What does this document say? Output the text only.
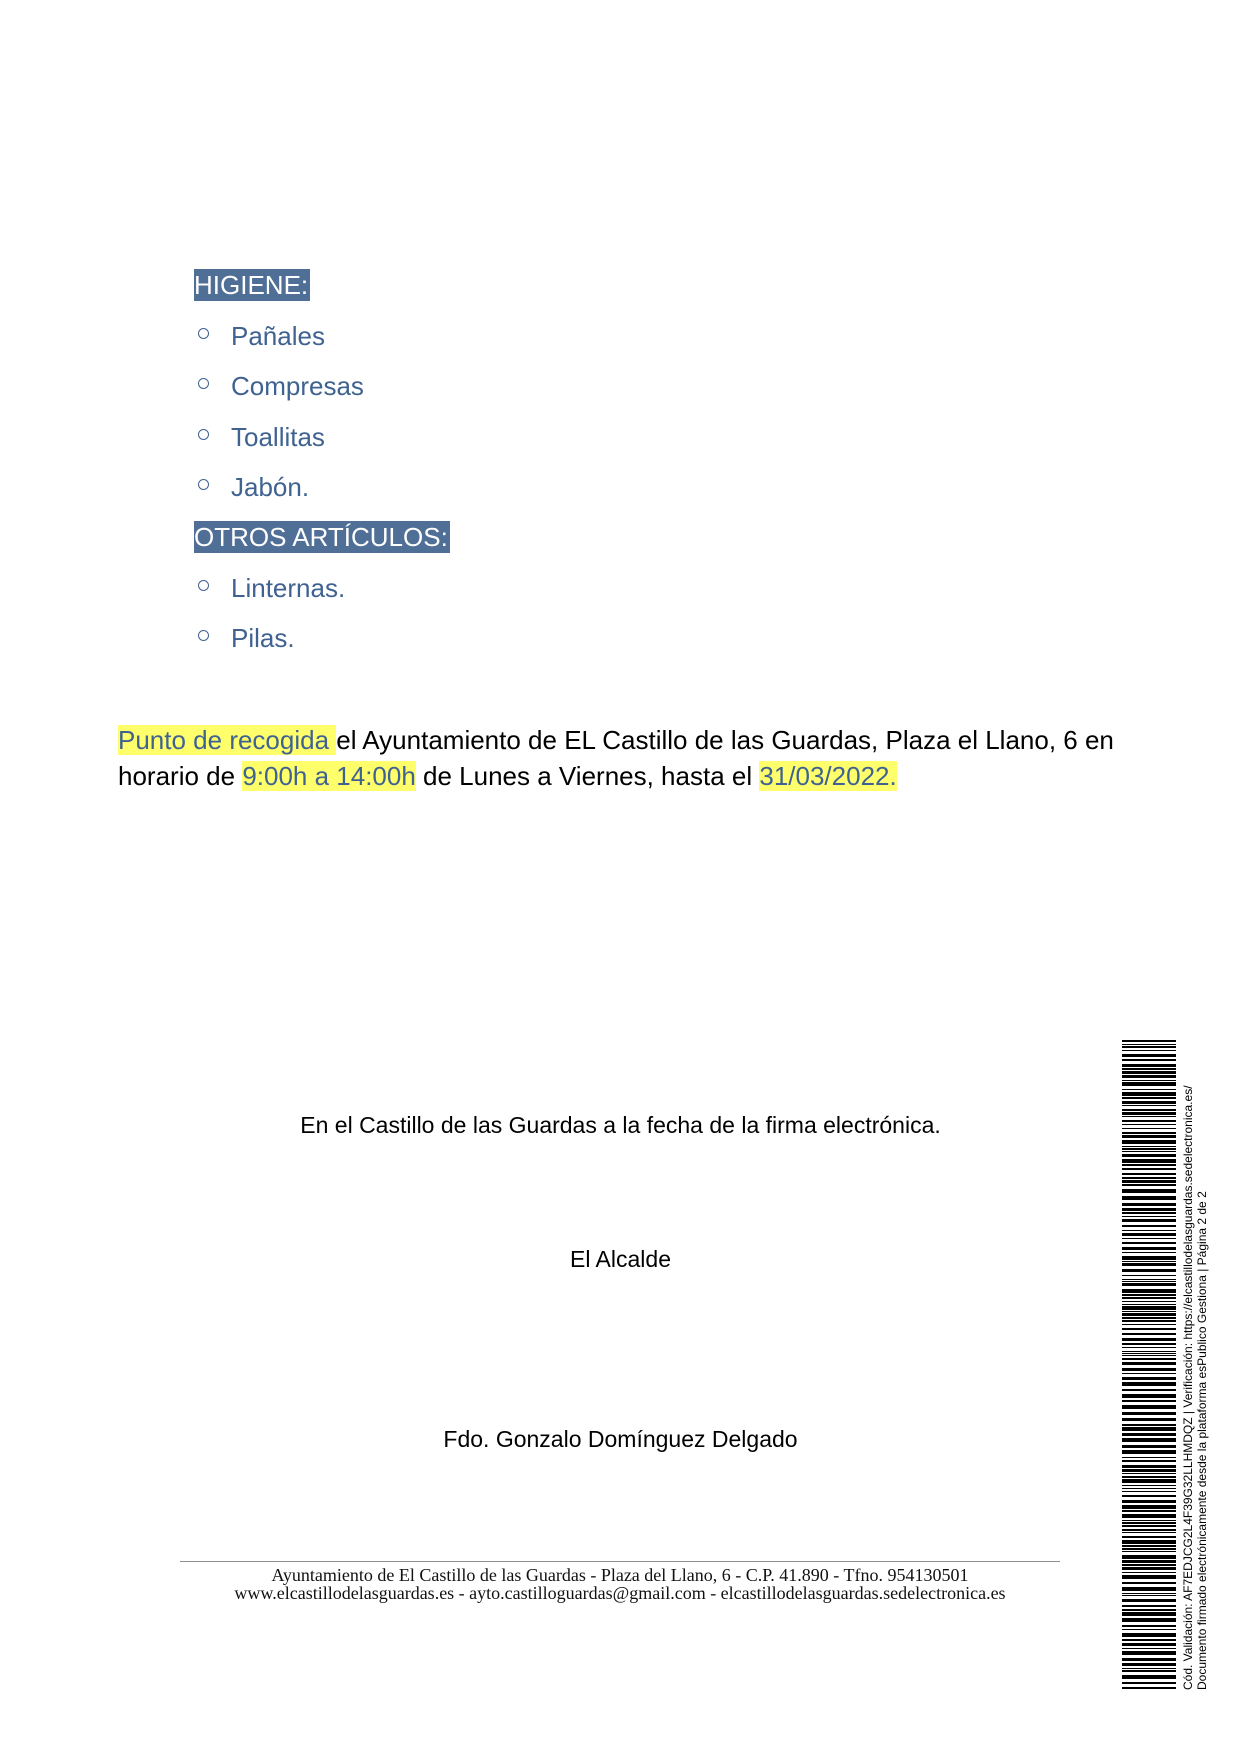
HIGIENE:
Pañales
Compresas
Toallitas
Jabón.
OTROS ARTÍCULOS:
Linternas.
Pilas.
Punto de recogida el Ayuntamiento de EL Castillo de las Guardas, Plaza el Llano, 6 en horario de 9:00h a 14:00h de Lunes a Viernes, hasta el 31/03/2022.
En el Castillo de las Guardas a la fecha de la firma electrónica.
El Alcalde
Fdo. Gonzalo Domínguez Delgado
Ayuntamiento de El Castillo de las Guardas - Plaza del Llano, 6 - C.P. 41.890 - Tfno. 954130501
www.elcastillodelasguardas.es - ayto.castilloguardas@gmail.com - elcastillodelasguardas.sedelectronica.es	Cód. Validación: AF7EDJCG2L4F39G32LLHMDQZ | Verificación: https://elcastillodelasguardas.sedelectronica.es/ Documento firmado electrónicamente desde la plataforma esPublico Gestiona | Página 2 de 2
